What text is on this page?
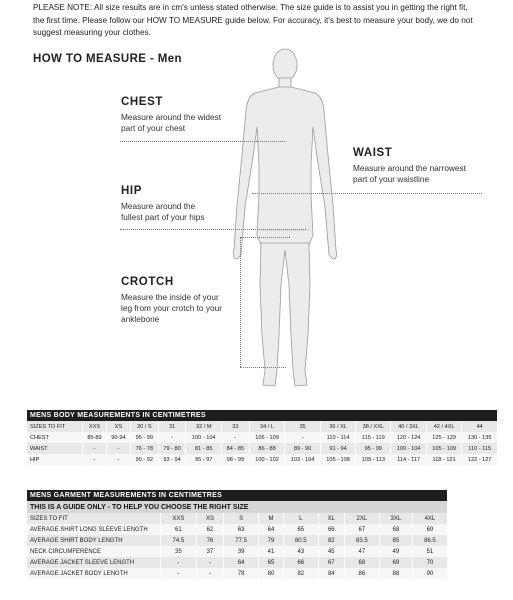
PLEASE NOTE: All size results are in cm's unless stated otherwise. The size guide is to assist you in getting the right fit, the first time. Please follow our HOW TO MEASURE guide below. For accuracy, it's best to measure your body, we do not suggest measuring your clothes.
HOW TO MEASURE - Men
CHEST
Measure around the widest part of your chest
WAIST
Measure around the narrowest part of your waistline
HIP
Measure around the fullest part of your hips
CROTCH
Measure the inside of your leg from your crotch to your anklebone
MENS BODY MEASUREMENTS IN CENTIMETRES													
SIZES TO FIT	XXS	XS	30 / S	31	32 / M	33	34 / L	35	36 / XL	38 / XXL	40 / 3XL	42 / 4XL	44
CHEST	85-89	90-94	95 - 99	-	100 - 104	-	105 - 109	-	110 - 114	115 - 119	120 - 124	125 - 129	130 - 135
WAIST	-	-	76 - 78	79 - 80	81 - 85	84 - 85	86 - 88	89 - 90	91 - 94	95 - 99	100 - 104	105 - 109	110 - 115
HIP	-	-	90 - 92	93 - 94	95 - 97	98 - 99	100 - 102	103 - 104	105 - 108	109 - 113	114 - 117	118 - 121	122 - 127
MENS GARMENT MEASUREMENTS IN CENTIMETRES									
THIS IS A GUIDE ONLY - TO HELP YOU CHOOSE THE RIGHT SIZE									
SIZES TO FIT	XXS	XS	S	M	L	XL	2XL	3XL	4XL
AVERAGE SHIRT LONG SLEEVE LENGTH	61	62	63	64	65	66	67	68	69
AVERAGE SHIRT BODY LENGTH	74.5	76	77.5	79	80.5	82	83.5	85	86.5
NECK CIRCUMFERENCE	35	37	39	41	43	45	47	49	51
AVERAGE JACKET SLEEVE LENGTH	-	-	64	65	66	67	68	69	70
AVERAGE JACKET BODY LENGTH	-	-	78	80	82	84	86	88	90
